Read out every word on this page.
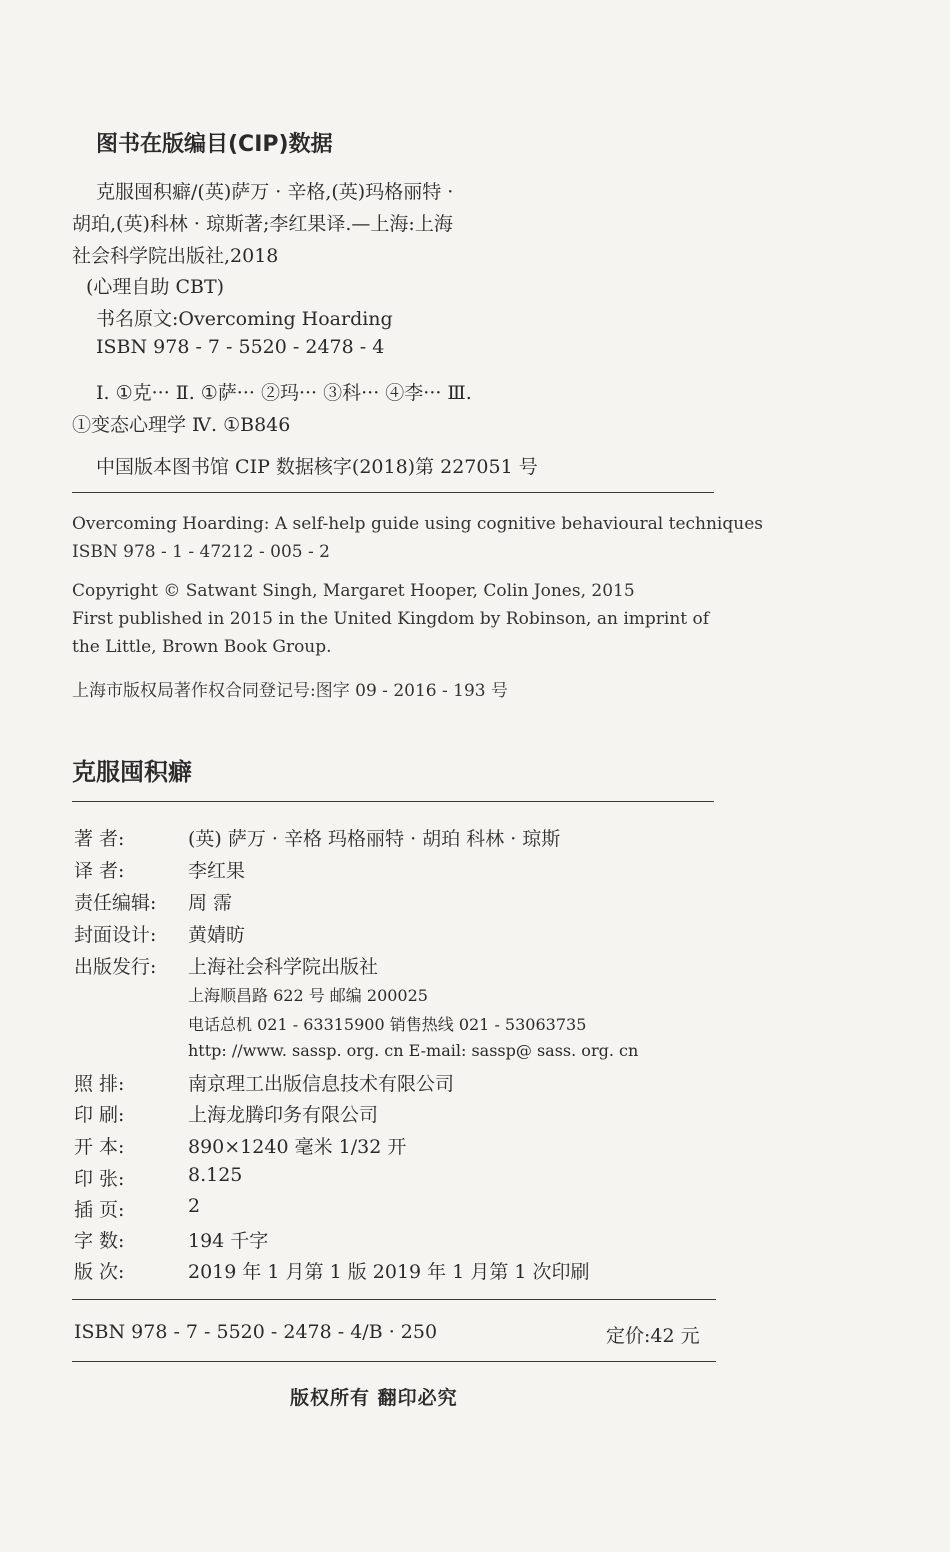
图书在版编目(CIP)数据
克服囤积癖/(英)萨万 · 辛格,(英)玛格丽特 ·
胡珀,(英)科林 · 琼斯著;李红果译.—上海:上海
社会科学院出版社,2018
(心理自助 CBT)
书名原文:Overcoming Hoarding
ISBN 978 - 7 - 5520 - 2478 - 4
Ⅰ. ①克··· Ⅱ. ①萨··· ②玛··· ③科··· ④李··· Ⅲ.
①变态心理学 Ⅳ. ①B846
中国版本图书馆 CIP 数据核字(2018)第 227051 号
Overcoming Hoarding: A self-help guide using cognitive behavioural techniques
ISBN 978 - 1 - 47212 - 005 - 2
Copyright © Satwant Singh, Margaret Hooper, Colin Jones, 2015
First published in 2015 in the United Kingdom by Robinson, an imprint of
the Little, Brown Book Group.
上海市版权局著作权合同登记号:图字 09 - 2016 - 193 号
克服囤积癖
著 者:	(英) 萨万 · 辛格 玛格丽特 · 胡珀 科林 · 琼斯
译 者:	李红果
责任编辑: 周 霈
封面设计: 黄婧昉
出版发行: 上海社会科学院出版社
上海顺昌路 622 号 邮编 200025
电话总机 021 - 63315900 销售热线 021 - 53063735
http: //www. sassp. org. cn E-mail: sassp@ sass. org. cn
照 排:	南京理工出版信息技术有限公司
印 刷:	上海龙腾印务有限公司
开 本:	890×1240 毫米 1/32 开
印 张:	8.125
插 页:	2
字 数:	194 千字
版 次:	2019 年 1 月第 1 版 2019 年 1 月第 1 次印刷
ISBN 978 - 7 - 5520 - 2478 - 4/B · 250	定价:42 元
版权所有 翻印必究
